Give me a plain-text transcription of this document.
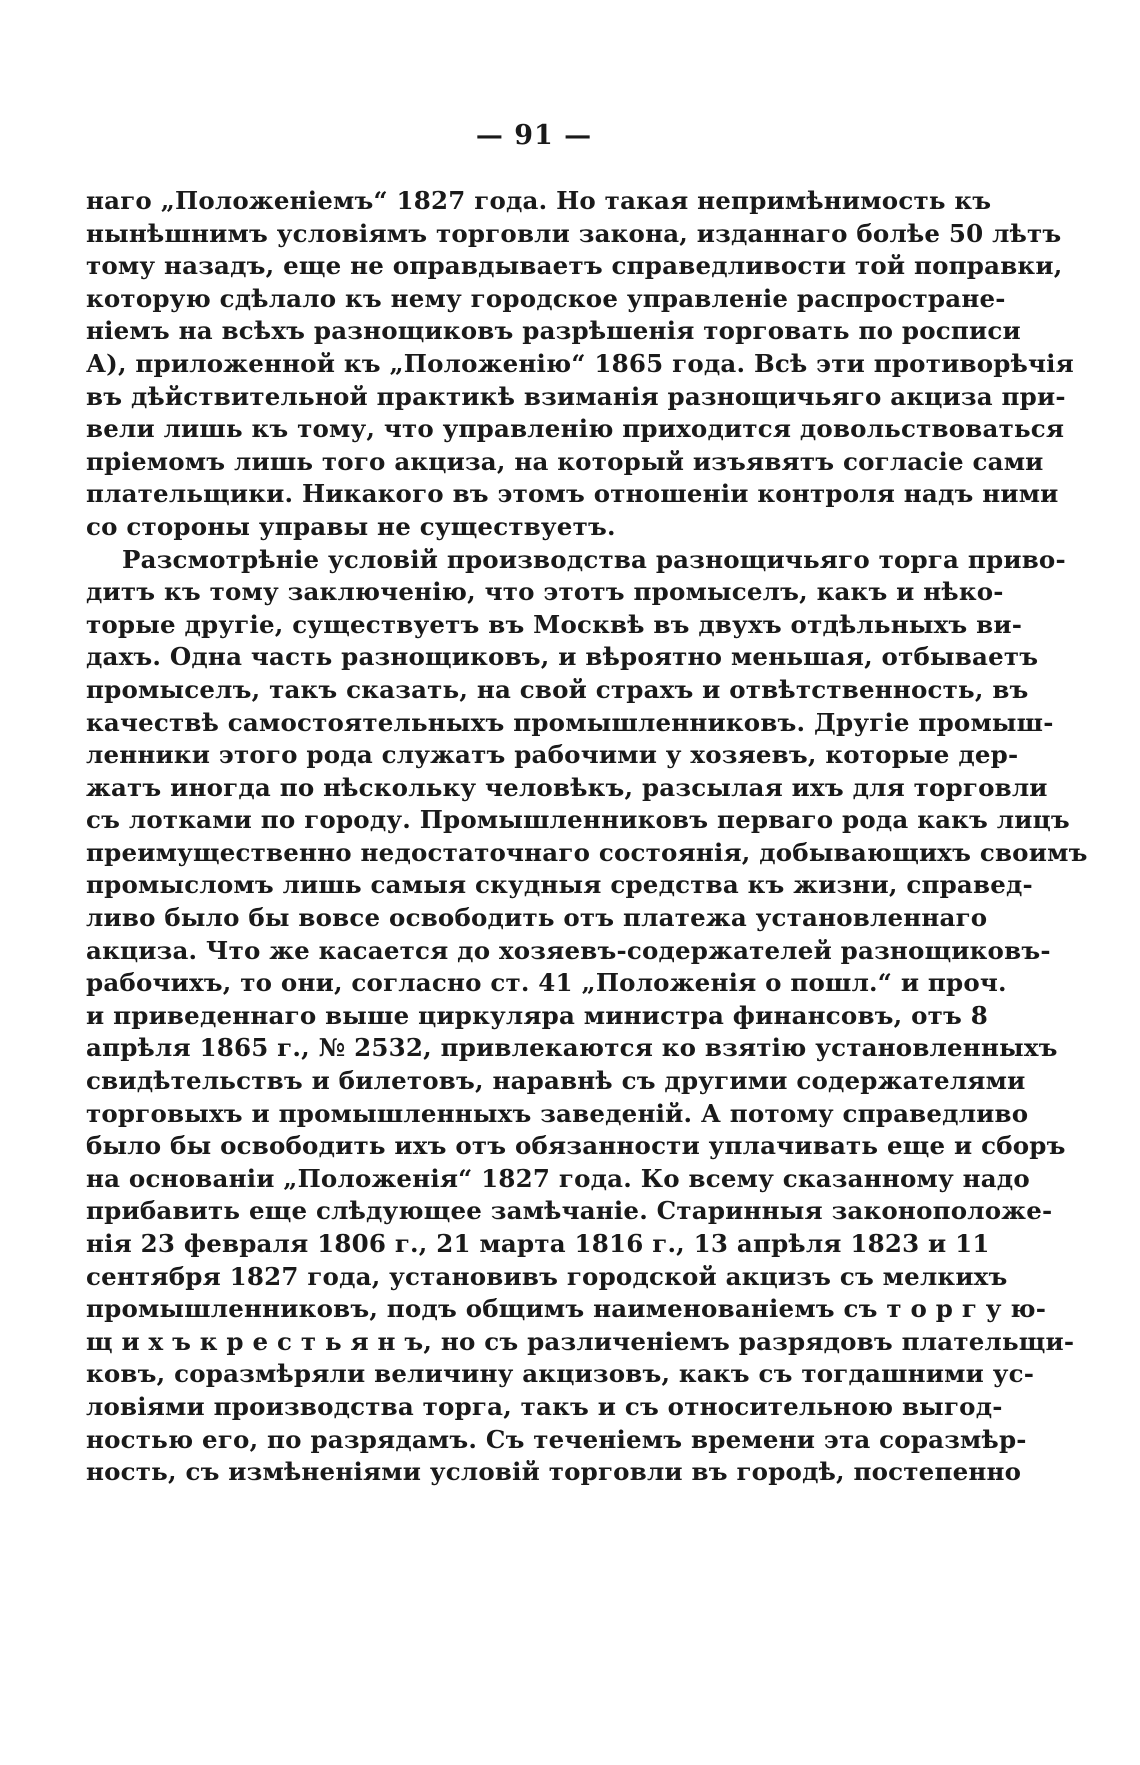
— 91 —
наго „Положеніемъ“ 1827 года. Но такая непримѣнимость къ
нынѣшнимъ условіямъ торговли закона, изданнаго болѣе 50 лѣтъ
тому назадъ, еще не оправдываетъ справедливости той поправки,
которую сдѣлало къ нему городское управленіе распростране-
ніемъ на всѣхъ разнощиковъ разрѣшенія торговать по росписи
А), приложенной къ „Положенію“ 1865 года. Всѣ эти противорѣчія
въ дѣйствительной практикѣ взиманія разнощичьяго акциза при-
вели лишь къ тому, что управленію приходится довольствоваться
пріемомъ лишь того акциза, на который изъявятъ согласіе сами
плательщики. Никакого въ этомъ отношеніи контроля надъ ними
со стороны управы не существуетъ.
Разсмотрѣніе условій производства разнощичьяго торга приво-
дитъ къ тому заключенію, что этотъ промыселъ, какъ и нѣко-
торые другіе, существуетъ въ Москвѣ въ двухъ отдѣльныхъ ви-
дахъ. Одна часть разнощиковъ, и вѣроятно меньшая, отбываетъ
промыселъ, такъ сказать, на свой страхъ и отвѣтственность, въ
качествѣ самостоятельныхъ промышленниковъ. Другіе промыш-
ленники этого рода служатъ рабочими у хозяевъ, которые дер-
жатъ иногда по нѣскольку человѣкъ, разсылая ихъ для торговли
съ лотками по городу. Промышленниковъ перваго рода какъ лицъ
преимущественно недостаточнаго состоянія, добывающихъ своимъ
промысломъ лишь самыя скудныя средства къ жизни, справед-
ливо было бы вовсе освободить отъ платежа установленнаго
акциза. Что же касается до хозяевъ-содержателей разнощиковъ-
рабочихъ, то они, согласно ст. 41 „Положенія о пошл.“ и проч.
и приведеннаго выше циркуляра министра финансовъ, отъ 8
апрѣля 1865 г., № 2532, привлекаются ко взятію установленныхъ
свидѣтельствъ и билетовъ, наравнѣ съ другими содержателями
торговыхъ и промышленныхъ заведеній. А потому справедливо
было бы освободить ихъ отъ обязанности уплачивать еще и сборъ
на основаніи „Положенія“ 1827 года. Ко всему сказанному надо
прибавить еще слѣдующее замѣчаніе. Старинныя законоположе-
нія 23 февраля 1806 г., 21 марта 1816 г., 13 апрѣля 1823 и 11
сентября 1827 года, установивъ городской акцизъ съ мелкихъ
промышленниковъ, подъ общимъ наименованіемъ съ т о р г у ю-
щ и х ъ к р е с т ь я н ъ, но съ различеніемъ разрядовъ плательщи-
ковъ, соразмѣряли величину акцизовъ, какъ съ тогдашними ус-
ловіями производства торга, такъ и съ относительною выгод-
ностью его, по разрядамъ. Съ теченіемъ времени эта соразмѣр-
ность, съ измѣненіями условій торговли въ городѣ, постепенно
